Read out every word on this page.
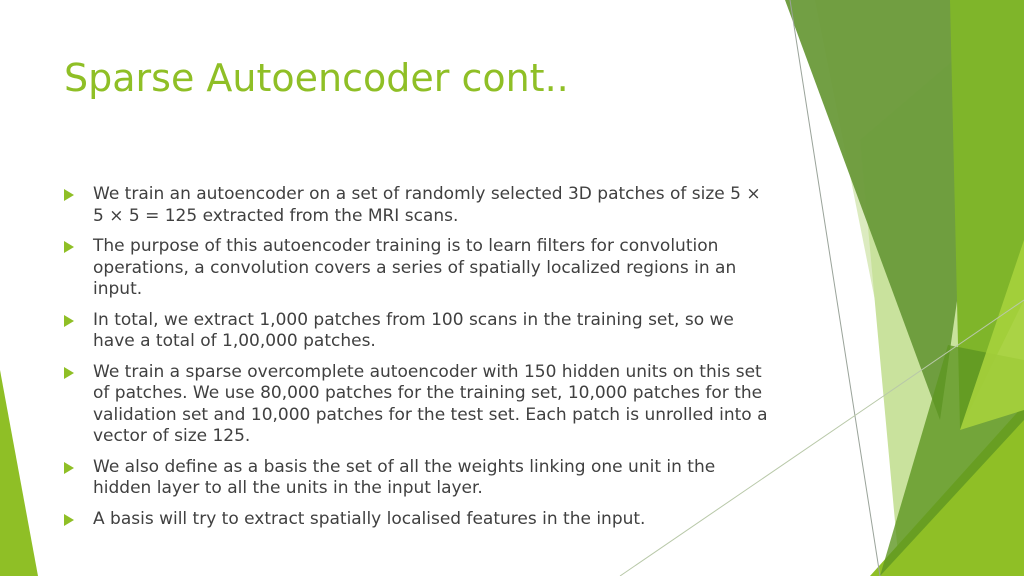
Sparse Autoencoder cont..
We train an autoencoder on a set of randomly selected 3D patches of size 5 × 5 × 5 = 125 extracted from the MRI scans.
The purpose of this autoencoder training is to learn filters for convolution operations, a convolution covers a series of spatially localized regions in an input.
In total, we extract 1,000 patches from 100 scans in the training set, so we have a total of 1,00,000 patches.
We train a sparse overcomplete autoencoder with 150 hidden units on this set of patches. We use 80,000 patches for the training set, 10,000 patches for the validation set and 10,000 patches for the test set. Each patch is unrolled into a vector of size 125.
We also define as a basis the set of all the weights linking one unit in the hidden layer to all the units in the input layer.
A basis will try to extract spatially localised features in the input.
